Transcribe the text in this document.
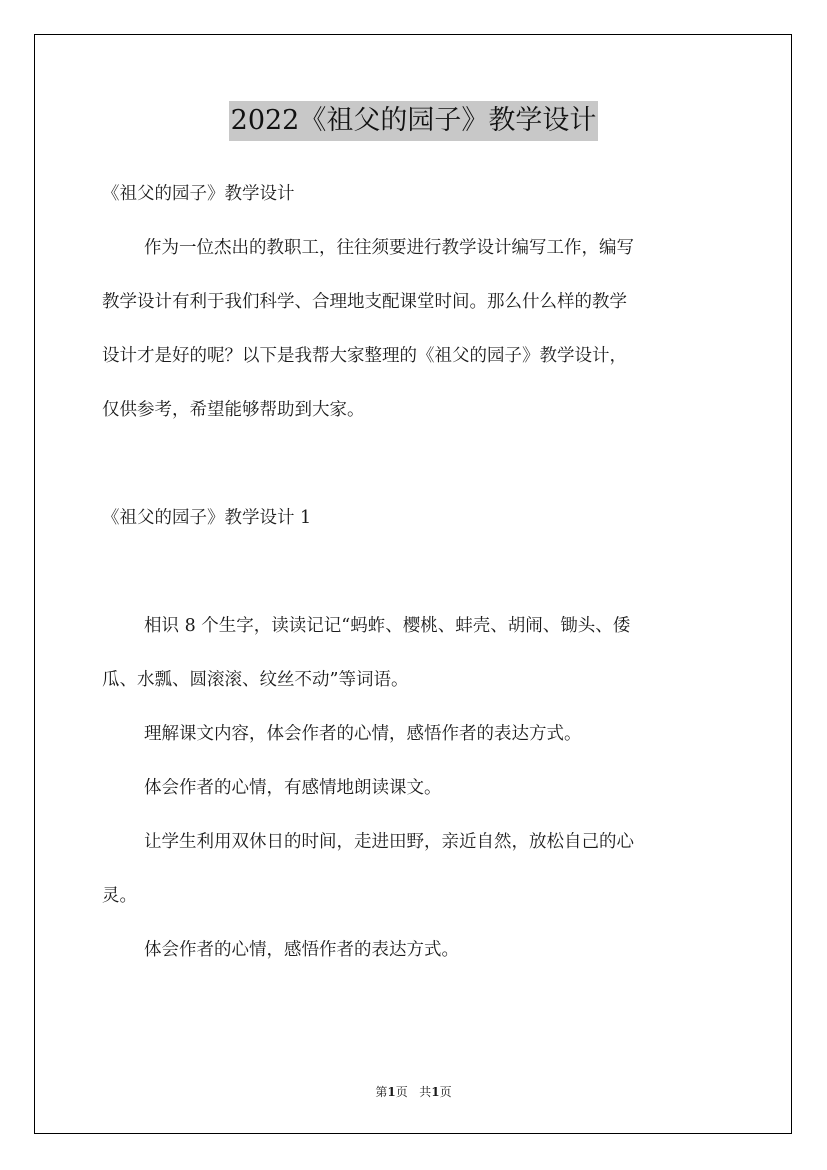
2022《祖父的园子》教学设计

《祖父的园子》教学设计

作为一位杰出的教职工，往往须要进行教学设计编写工作，编写

教学设计有利于我们科学、合理地支配课堂时间。那么什么样的教学

设计才是好的呢？以下是我帮大家整理的《祖父的园子》教学设计，

仅供参考，希望能够帮助到大家。

《祖父的园子》教学设计 1

相识 8 个生字，读读记记“蚂蚱、樱桃、蚌壳、胡闹、锄头、倭

瓜、水瓢、圆滚滚、纹丝不动”等词语。

理解课文内容，体会作者的心情，感悟作者的表达方式。

体会作者的心情，有感情地朗读课文。

让学生利用双休日的时间，走进田野，亲近自然，放松自己的心

灵。

体会作者的心情，感悟作者的表达方式。

第1页 共1页
